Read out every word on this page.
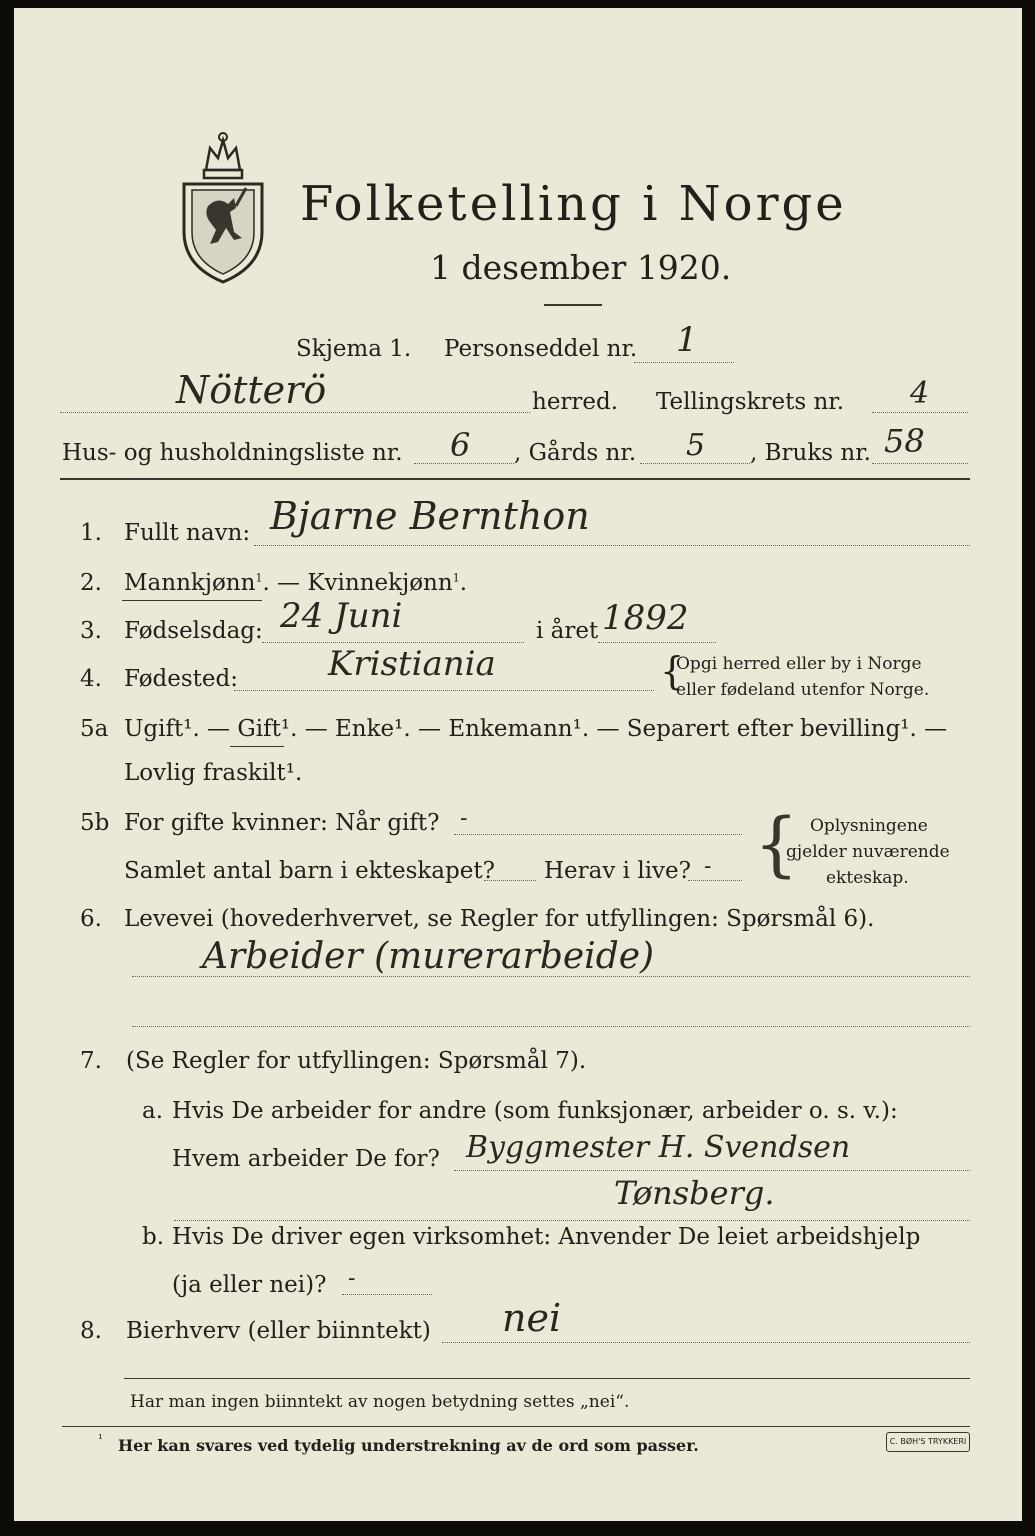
Folketelling i Norge
1 desember 1920.
Skjema 1. Personseddel nr. 1
Nötterö	herred. Tellingskrets nr. 4
Hus- og husholdningsliste nr. 6 , Gårds nr. 5 , Bruks nr. 58
1. Fullt navn: Bjarne Bernthon
2. Mannkjønn$^1$. — Kvinnekjønn$^1$.
3. Fødselsdag: 24 Juni	i året 1892
4. Fødested:	Kristiania	{
Opgi herred eller by i Norge
eller fødeland utenfor Norge.
5a Ugift¹. — Gift¹. — Enke¹. — Enkemann¹. — Separert efter bevilling¹. —
Lovlig fraskilt¹.
5b For gifte kvinner: Når gift? -
Samlet antal barn i ekteskapet? Herav i live? - { Oplysningene
gjelder nuværende
ekteskap.
6. Levevei (hovederhvervet, se Regler for utfyllingen: Spørsmål 6).
Arbeider (murerarbeide)
7. (Se Regler for utfyllingen: Spørsmål 7).
a. Hvis De arbeider for andre (som funksjonær, arbeider o. s. v.):
Hvem arbeider De for? Byggmester H. Svendsen
Tønsberg.
b. Hvis De driver egen virksomhet: Anvender De leiet arbeidshjelp
(ja eller nei)? -
8. Bierhverv (eller biinntekt) nei
Har man ingen biinntekt av nogen betydning settes „nei“.
¹ Her kan svares ved tydelig understrekning av de ord som passer.	C. BØH'S TRYKKERI
